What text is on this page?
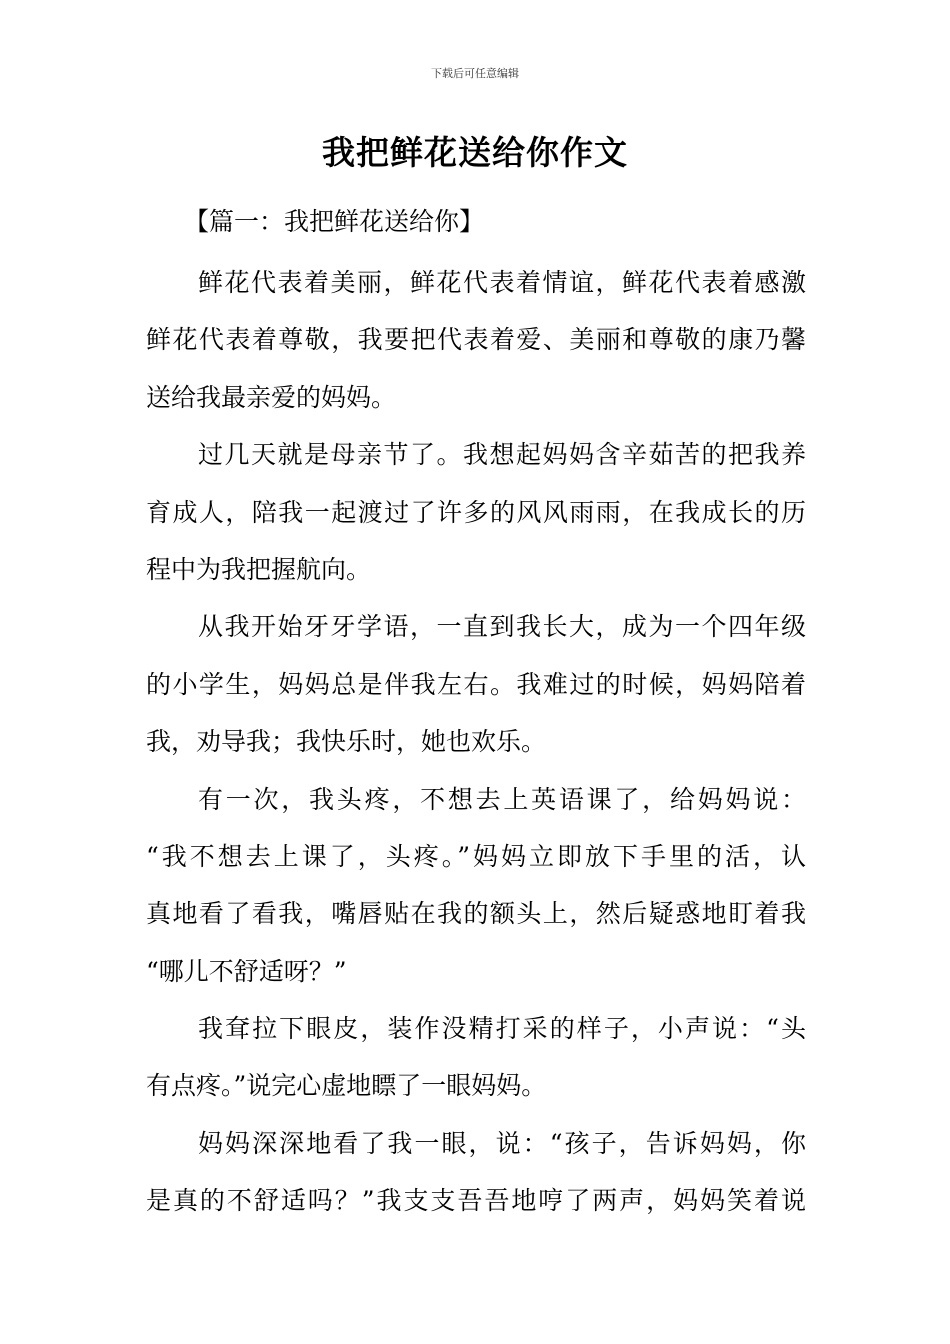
下载后可任意编辑
我把鲜花送给你作文
【篇一：我把鲜花送给你】
鲜花代表着美丽，鲜花代表着情谊，鲜花代表着感激
鲜花代表着尊敬，我要把代表着爱、美丽和尊敬的康乃馨
送给我最亲爱的妈妈。
过几天就是母亲节了。我想起妈妈含辛茹苦的把我养
育成人，陪我一起渡过了许多的风风雨雨，在我成长的历
程中为我把握航向。
从我开始牙牙学语，一直到我长大，成为一个四年级
的小学生，妈妈总是伴我左右。我难过的时候，妈妈陪着
我，劝导我；我快乐时，她也欢乐。
有一次，我头疼，不想去上英语课了，给妈妈说：
“我不想去上课了，头疼。”妈妈立即放下手里的活，认
真地看了看我，嘴唇贴在我的额头上，然后疑惑地盯着我
“哪儿不舒适呀？”
我耷拉下眼皮，装作没精打采的样子，小声说：“头
有点疼。”说完心虚地瞟了一眼妈妈。
妈妈深深地看了我一眼，说：“孩子，告诉妈妈，你
是真的不舒适吗？”我支支吾吾地哼了两声，妈妈笑着说
